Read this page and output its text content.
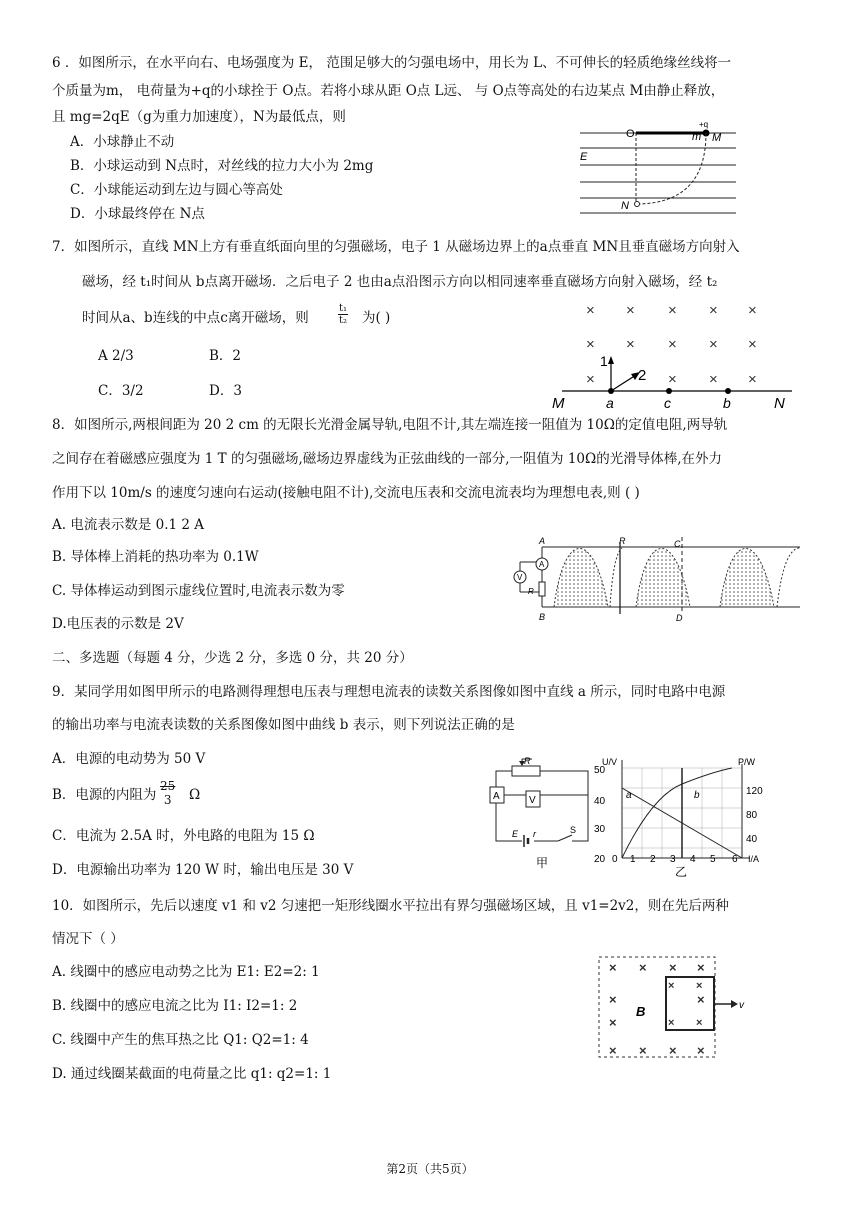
6 ．如图所示，在水平向右、电场强度为 E， 范围足够大的匀强电场中，用长为 L、不可伸长的轻质绝缘丝线将一
个质量为m， 电荷量为+q的小球拴于 O点。若将小球从距 O点 L远、 与 O点等高处的右边某点 M由静止释放，
且 mg=2qE（g为重力加速度），N为最低点，则
A．小球静止不动
B．小球运动到 N点时，对丝线的拉力大小为 2mg
C．小球能运动到左边与圆心等高处
D．小球最终停在 N点
O	m M
+q
E
N
7．如图所示，直线 MN上方有垂直纸面向里的匀强磁场，电子 1 从磁场边界上的a点垂直 MN且垂直磁场方向射入
磁场，经 t₁时间从 b点离开磁场．之后电子 2 也由a点沿图示方向以相同速率垂直磁场方向射入磁场，经 t₂
时间从a、b连线的中点c离开磁场，则	$\frac{\text{t₁}}{\text{t₂}}$ 为( )
A 2/3	B．2
C．3/2	D．3
× × × × ×
× × × × ×
×	× × ×
1
2
M	N
a	c	b
8．如图所示,两根间距为 20 2 cm 的无限长光滑金属导轨,电阻不计,其左端连接一阻值为 10Ω的定值电阻,两导轨
之间存在着磁感应强度为 1 T 的匀强磁场,磁场边界虚线为正弦曲线的一部分,一阻值为 10Ω的光滑导体棒,在外力
作用下以 10m/s 的速度匀速向右运动(接触电阻不计),交流电压表和交流电流表均为理想电表,则 ( )
A. 电流表示数是 0.1 2 A
B. 导体棒上消耗的热功率为 0.1W
C. 导体棒运动到图示虚线位置时,电流表示数为零
D.电压表的示数是 2V
V
A
R
A
B
R	C
D
二、多选题（每题 4 分，少选 2 分，多选 0 分，共 20 分）
9．某同学用如图甲所示的电路测得理想电压表与理想电流表的读数关系图像如图中直线 a 所示，同时电路中电源
的输出功率与电流表读数的关系图像如图中曲线 b 表示，则下列说法正确的是
A．电源的电动势为 50 V
B．电源的内阻为
25
3 Ω
C．电流为 2.5A 时，外电路的电阻为 15 Ω
D．电源输出功率为 120 W 时，输出电压是 30 V
R
A	V
E r	S
甲
U/V	P/W
50
40
30
20
120
80
40
0 1 2 3 4 5 6 I/A
a	b
乙
10．如图所示，先后以速度 v1 和 v2 匀速把一矩形线圈水平拉出有界匀强磁场区域，且 v1=2v2，则在先后两种
情况下（ ）
A. 线圈中的感应电动势之比为 E1: E2=2: 1
B. 线圈中的感应电流之比为 I1: I2=1: 2
C. 线圈中产生的焦耳热之比 Q1: Q2=1: 4
D. 通过线圈某截面的电荷量之比 q1: q2=1: 1
× × × ×
×	×
×
× × × ×
× ×
× ×
B	v
第2页（共5页）
